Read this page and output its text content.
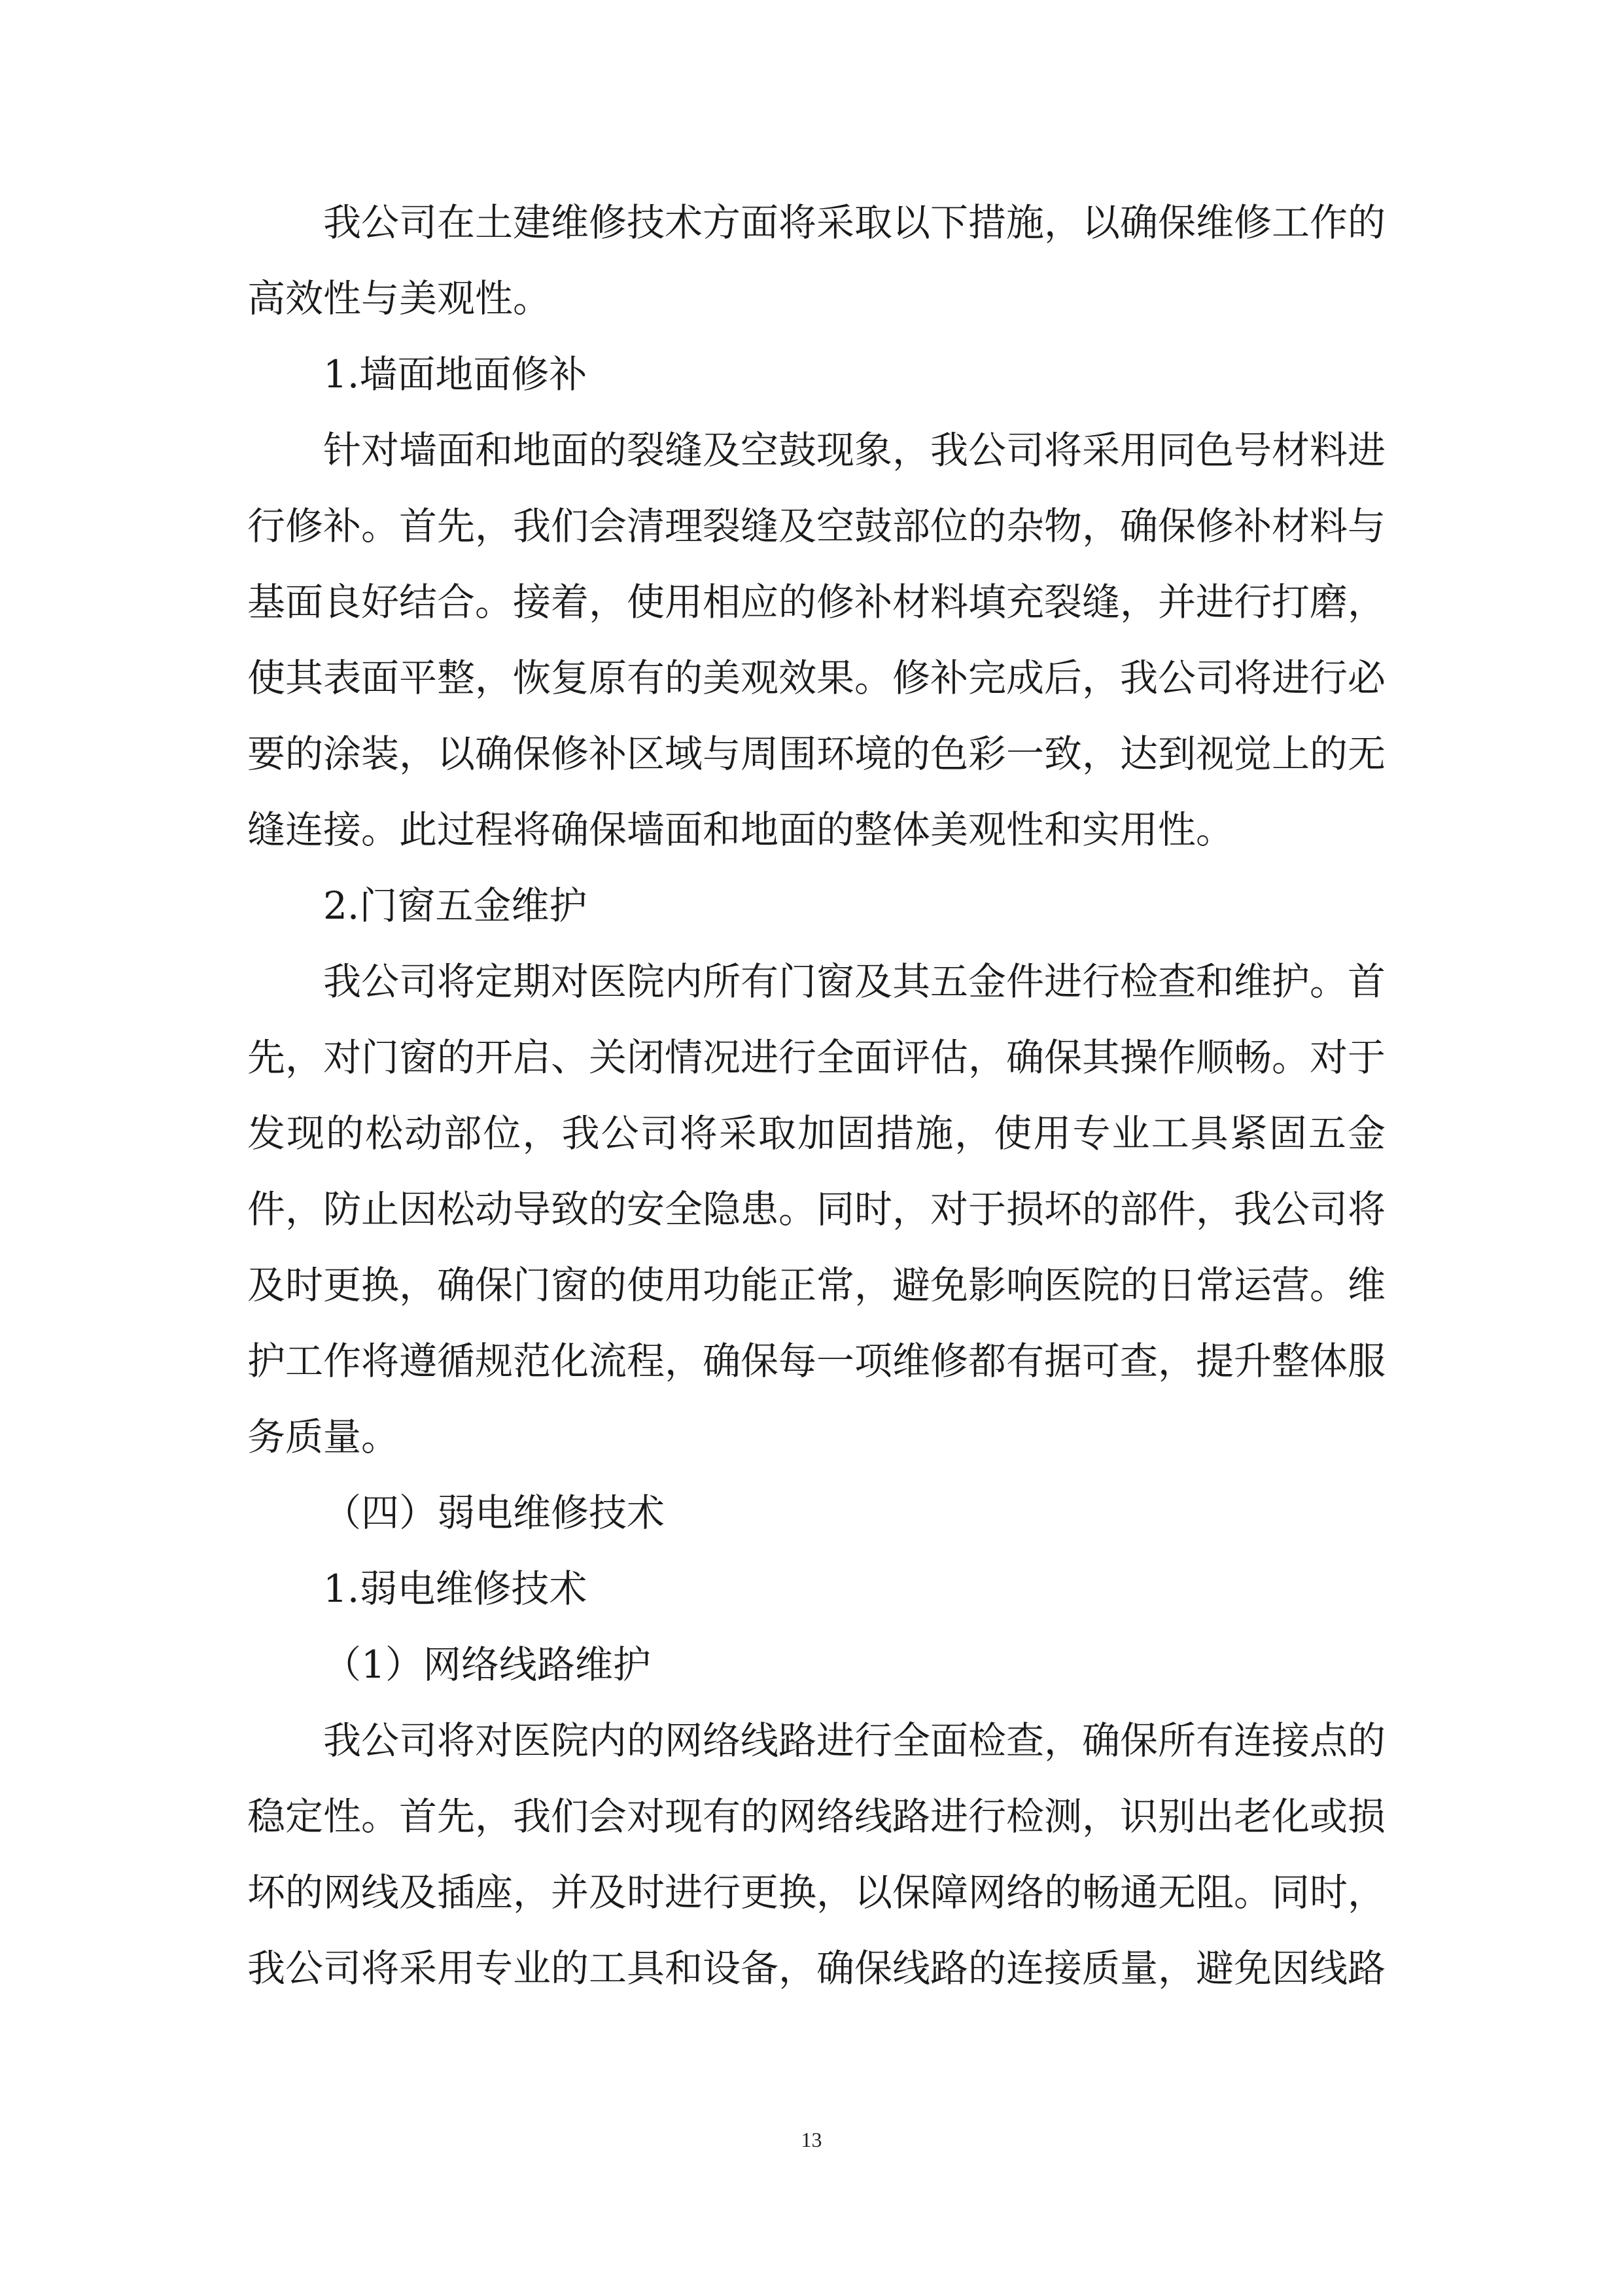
我公司在土建维修技术方面将采取以下措施，以确保维修工作的高效性与美观性。

1.墙面地面修补

针对墙面和地面的裂缝及空鼓现象，我公司将采用同色号材料进行修补。首先，我们会清理裂缝及空鼓部位的杂物，确保修补材料与基面良好结合。接着，使用相应的修补材料填充裂缝，并进行打磨，使其表面平整，恢复原有的美观效果。修补完成后，我公司将进行必要的涂装，以确保修补区域与周围环境的色彩一致，达到视觉上的无缝连接。此过程将确保墙面和地面的整体美观性和实用性。

2.门窗五金维护

我公司将定期对医院内所有门窗及其五金件进行检查和维护。首先，对门窗的开启、关闭情况进行全面评估，确保其操作顺畅。对于发现的松动部位，我公司将采取加固措施，使用专业工具紧固五金件，防止因松动导致的安全隐患。同时，对于损坏的部件，我公司将及时更换，确保门窗的使用功能正常，避免影响医院的日常运营。维护工作将遵循规范化流程，确保每一项维修都有据可查，提升整体服务质量。

（四）弱电维修技术

1.弱电维修技术

（1）网络线路维护

我公司将对医院内的网络线路进行全面检查，确保所有连接点的稳定性。首先，我们会对现有的网络线路进行检测，识别出老化或损坏的网线及插座，并及时进行更换，以保障网络的畅通无阻。同时，我公司将采用专业的工具和设备，确保线路的连接质量，避免因线路

13
